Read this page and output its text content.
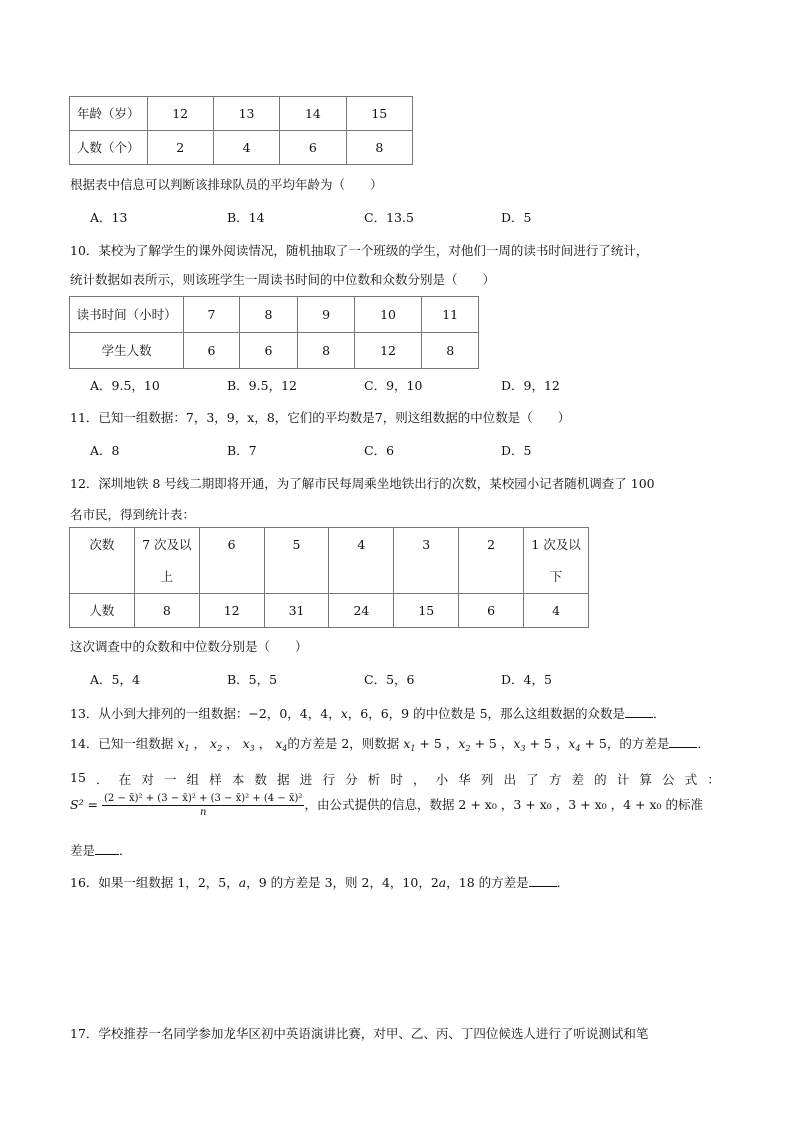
年龄（岁）	12	13	14	15
人数（个）	2	4	6	8
根据表中信息可以判断该排球队员的平均年龄为（　　）
A．13	B．14	C．13.5	D．5
10．某校为了解学生的课外阅读情况，随机抽取了一个班级的学生，对他们一周的读书时间进行了统计，
统计数据如表所示，则该班学生一周读书时间的中位数和众数分别是（　　）
读书时间（小时）	7	8	9	10	11
学生人数	6	6	8	12	8
A．9.5，10	B．9.5，12	C．9，10	D．9，12
11．已知一组数据：7，3，9，x，8，它们的平均数是7，则这组数据的中位数是（　　）
A．8	B．7	C．6	D．5
12．深圳地铁 8 号线二期即将开通，为了解市民每周乘坐地铁出行的次数，某校园小记者随机调查了 100
名市民，得到统计表：
次数	7 次及以	6	5	4	3	2	1 次及以
	上						下
人数	8	12	31	24	15	6	4
这次调查中的众数和中位数分别是（　　）
A．5，4	B．5，5	C．5，6	D．4，5
13．从小到大排列的一组数据：−2，0，4，4，x，6，6，9 的中位数是 5，那么这组数据的众数是 ．
14．已知一组数据 $x_1$ ， $x_2$ ， $x_3$ ， $x_4$的方差是 2，则数据 $x_1 + 5$ ，$x_2 + 5$ ，$x_3 + 5$ ，$x_4 + 5$，的方差是 ．
15 ． 在 对 一 组 样 本 数 据 进 行 分 析 时 ， 小 华 列 出 了 方 差 的 计 算 公 式 ：
$S^2 = \frac{\text{(2 − x̄)² + (3 − x̄)² + (3 − x̄)² + (4 − x̄)²}}{n}$ ，由公式提供的信息，数据 2 + x₀ ，3 + x₀ ，3 + x₀ ，4 + x₀ 的标准
差是 ．
16．如果一组数据 1，2，5，a，9 的方差是 3，则 2，4，10，2a，18 的方差是 ．
17．学校推荐一名同学参加龙华区初中英语演讲比赛，对甲、乙、丙、丁四位候选人进行了听说测试和笔
